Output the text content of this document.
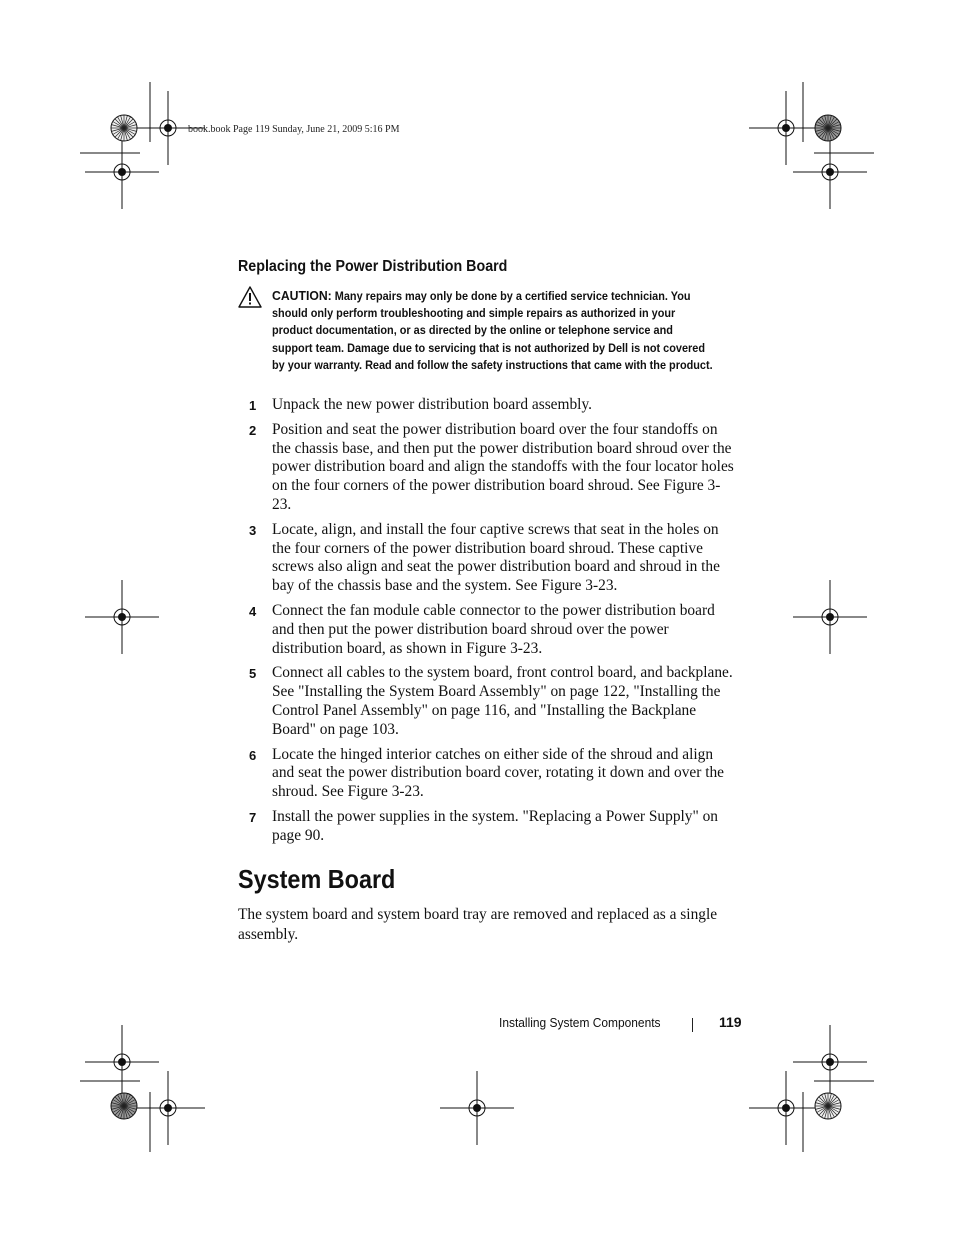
book.book Page 119 Sunday, June 21, 2009 5:16 PM
Replacing the Power Distribution Board
CAUTION: Many repairs may only be done by a certified service technician. You should only perform troubleshooting and simple repairs as authorized in your product documentation, or as directed by the online or telephone service and support team. Damage due to servicing that is not authorized by Dell is not covered by your warranty. Read and follow the safety instructions that came with the product.
1 Unpack the new power distribution board assembly.
2 Position and seat the power distribution board over the four standoffs on the chassis base, and then put the power distribution board shroud over the power distribution board and align the standoffs with the four locator holes on the four corners of the power distribution board shroud. See Figure 3-23.
3 Locate, align, and install the four captive screws that seat in the holes on the four corners of the power distribution board shroud. These captive screws also align and seat the power distribution board and shroud in the bay of the chassis base and the system. See Figure 3-23.
4 Connect the fan module cable connector to the power distribution board and then put the power distribution board shroud over the power distribution board, as shown in Figure 3-23.
5 Connect all cables to the system board, front control board, and backplane. See "Installing the System Board Assembly" on page 122, "Installing the Control Panel Assembly" on page 116, and "Installing the Backplane Board" on page 103.
6 Locate the hinged interior catches on either side of the shroud and align and seat the power distribution board cover, rotating it down and over the shroud. See Figure 3-23.
7 Install the power supplies in the system. "Replacing a Power Supply" on page 90.
System Board
The system board and system board tray are removed and replaced as a single assembly.
Installing System Components	119
